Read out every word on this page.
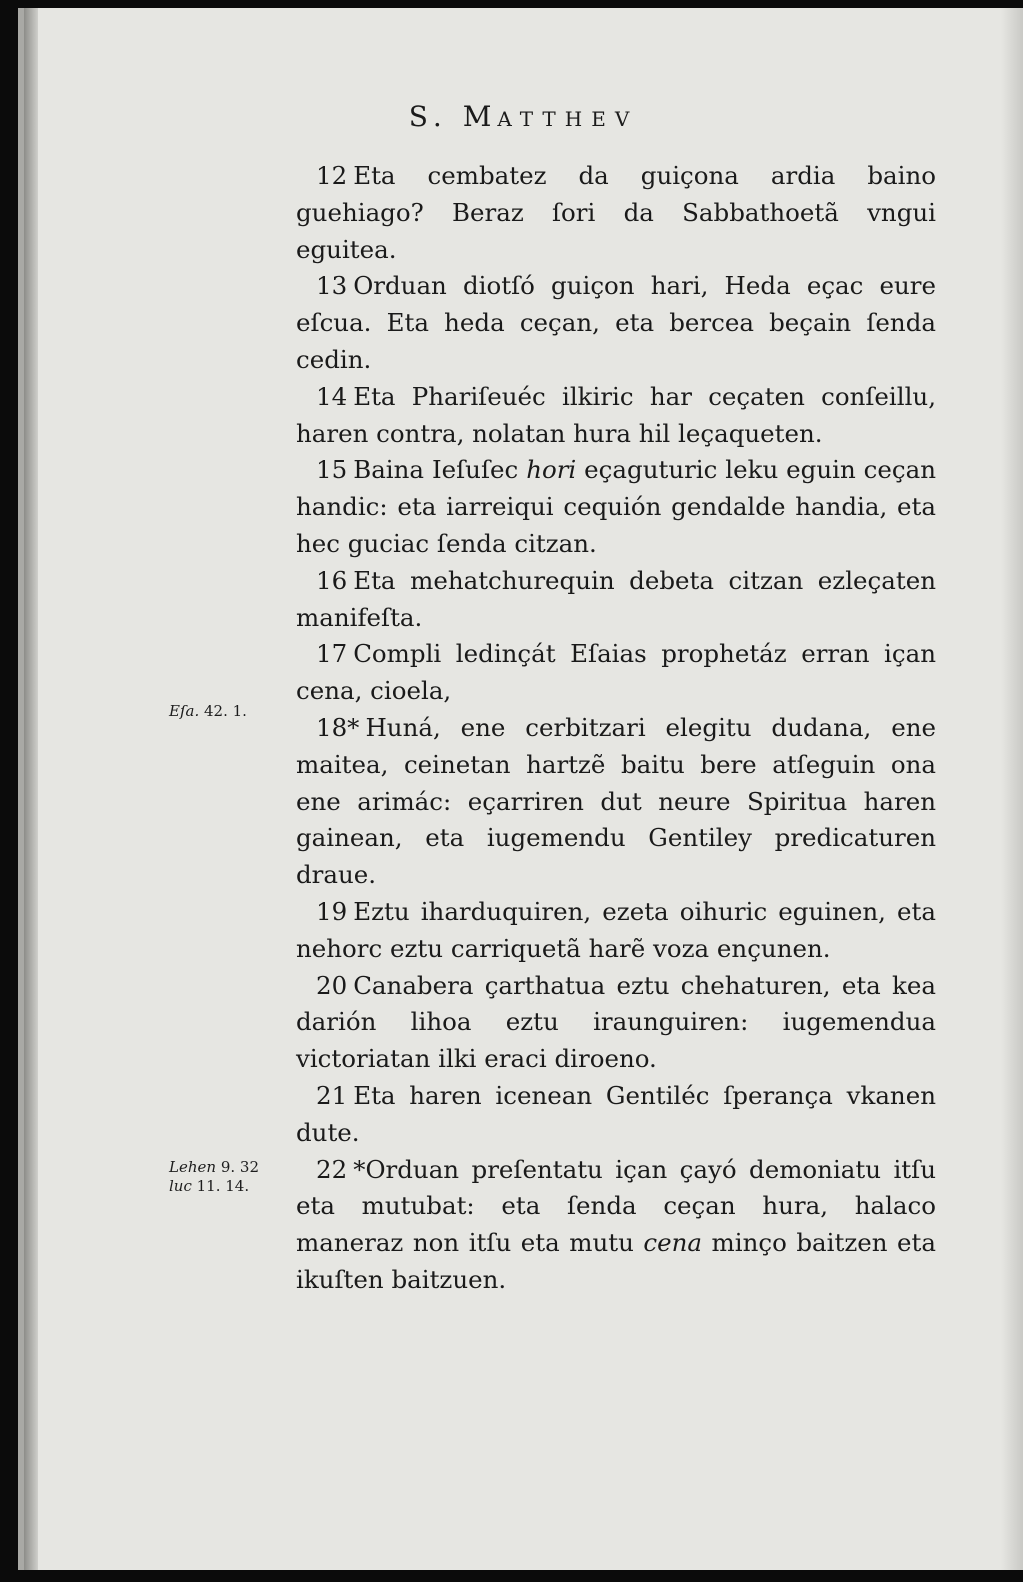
S. MATTHEV
Eſa. 42. 1.
Lehen 9. 32
luc 11. 14.

12 Eta cembatez da guiçona ardia baino guehiago? Beraz ſori da Sabbathoetã vngui eguitea.

13 Orduan diotſó guiçon hari, Heda eçac eure eſcua. Eta heda ceçan, eta bercea beçain ſenda cedin.

14 Eta Phariſeuéc ilkiric har ceçaten conſeillu, haren contra, nolatan hura hil leçaqueten.

15 Baina Ieſuſec hori eçaguturic leku eguin ceçan handic: eta iarreiqui cequión gendalde handia, eta hec guciac ſenda citzan.

16 Eta mehatchurequin debeta citzan ezleçaten manifeſta.

17 Compli ledinçát Eſaias prophetáz erran içan cena, cioela,

18* Huná, ene cerbitzari elegitu dudana, ene maitea, ceinetan hartzẽ baitu bere atſeguin ona ene arimác: eçarriren dut neure Spiritua haren gainean, eta iugemendu Gentiley predicaturen draue.

19 Eztu iharduquiren, ezeta oihuric eguinen, eta nehorc eztu carriquetã harẽ voza ençunen.

20 Canabera çarthatua eztu chehaturen, eta kea darión lihoa eztu iraunguiren: iugemendua victoriatan ilki eraci diroeno.

21 Eta haren icenean Gentiléc ſperança vkanen dute.

22 *Orduan preſentatu içan çayó demoniatu itſu eta mutubat: eta ſenda ceçan hura, halaco maneraz non itſu eta mutu cena minço baitzen eta ikuſten baitzuen.
